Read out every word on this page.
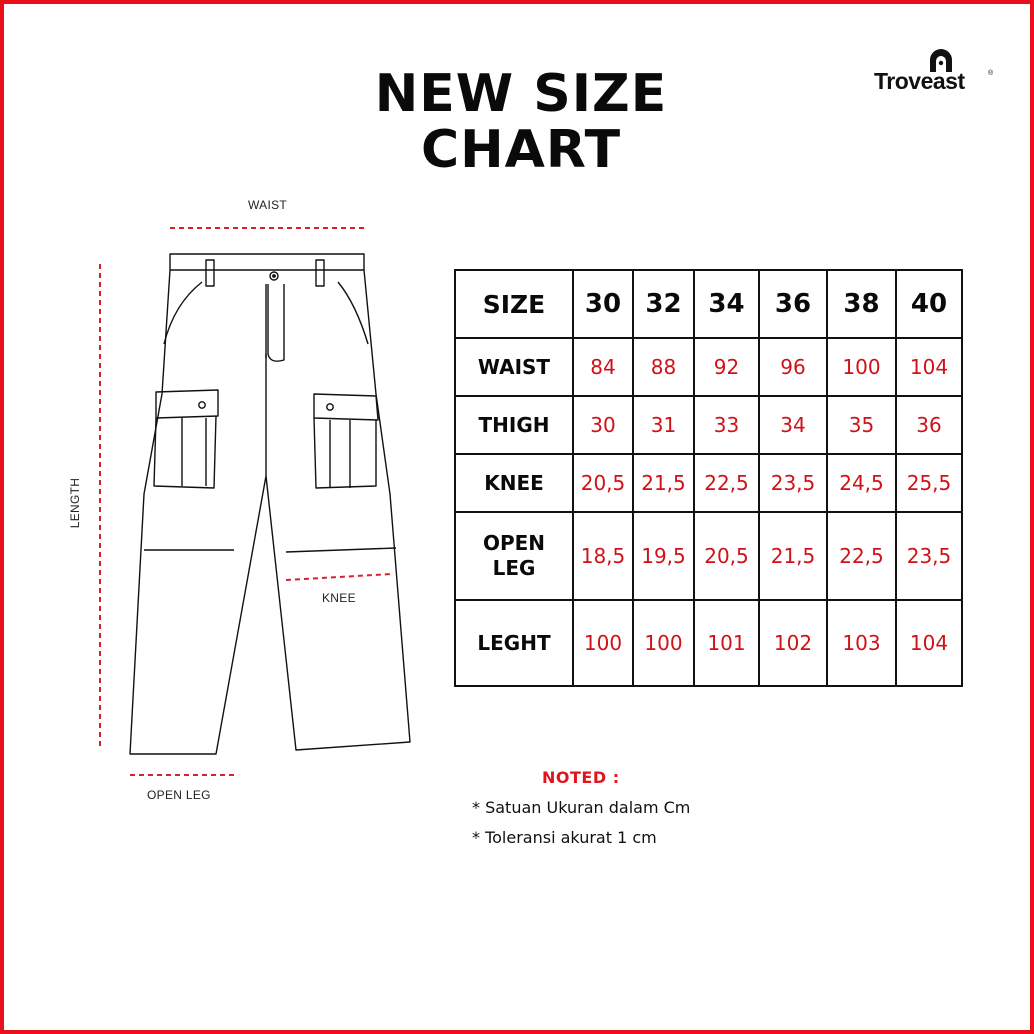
NEW SIZE
CHART
Troveast	®
WAIST
LENGTH
KNEE
OPEN LEG
SIZE	30	32	34	36	38	40
WAIST	84	88	92	96	100	104
THIGH	30	31	33	34	35	36
KNEE	20,5	21,5	22,5	23,5	24,5	25,5

OPEN
LEG	18,5	19,5	20,5	21,5	22,5	23,5
LEGHT	100	100	101	102	103	104
NOTED :
* Satuan Ukuran dalam Cm
* Toleransi akurat 1 cm
